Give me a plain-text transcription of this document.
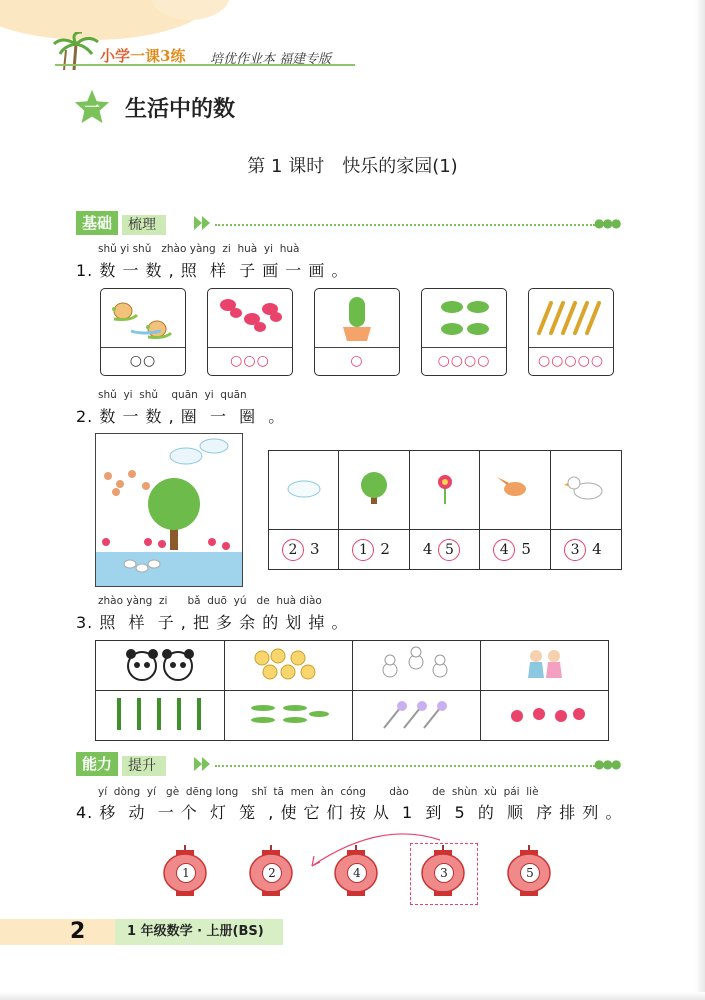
小学一课3练 培优作业本 福建专版
一 生活中的数
第 1 课时　快乐的家园(1)
基础	梳理	●●●
shǔ yi shǔ   zhào yàng  zi  huà  yi  huà
1. 数 一 数 , 照  样  子 画 一 画 。
○○	○○○	○	○○○○	○○○○○
shǔ  yi  shǔ    quān  yi  quān
2. 数 一 数 , 圈  一  圈  。

2 3	1 2	4 5	4 5	3 4
zhào yàng  zi      bǎ  duō  yú   de  huà diào
3. 照  样  子 , 把 多 余 的 划 掉 。

能力	提升	●●●
yí  dòng  yí   gè  dēng long    shǐ  tā  men  àn  cóng       dào       de  shùn  xù  pái  liè
4. 移  动  一 个  灯  笼  , 使 它 们 按 从  1  到  5  的  顺  序 排 列 。
1	2	4	3	5
2	1 年级数学 · 上册(BS)
